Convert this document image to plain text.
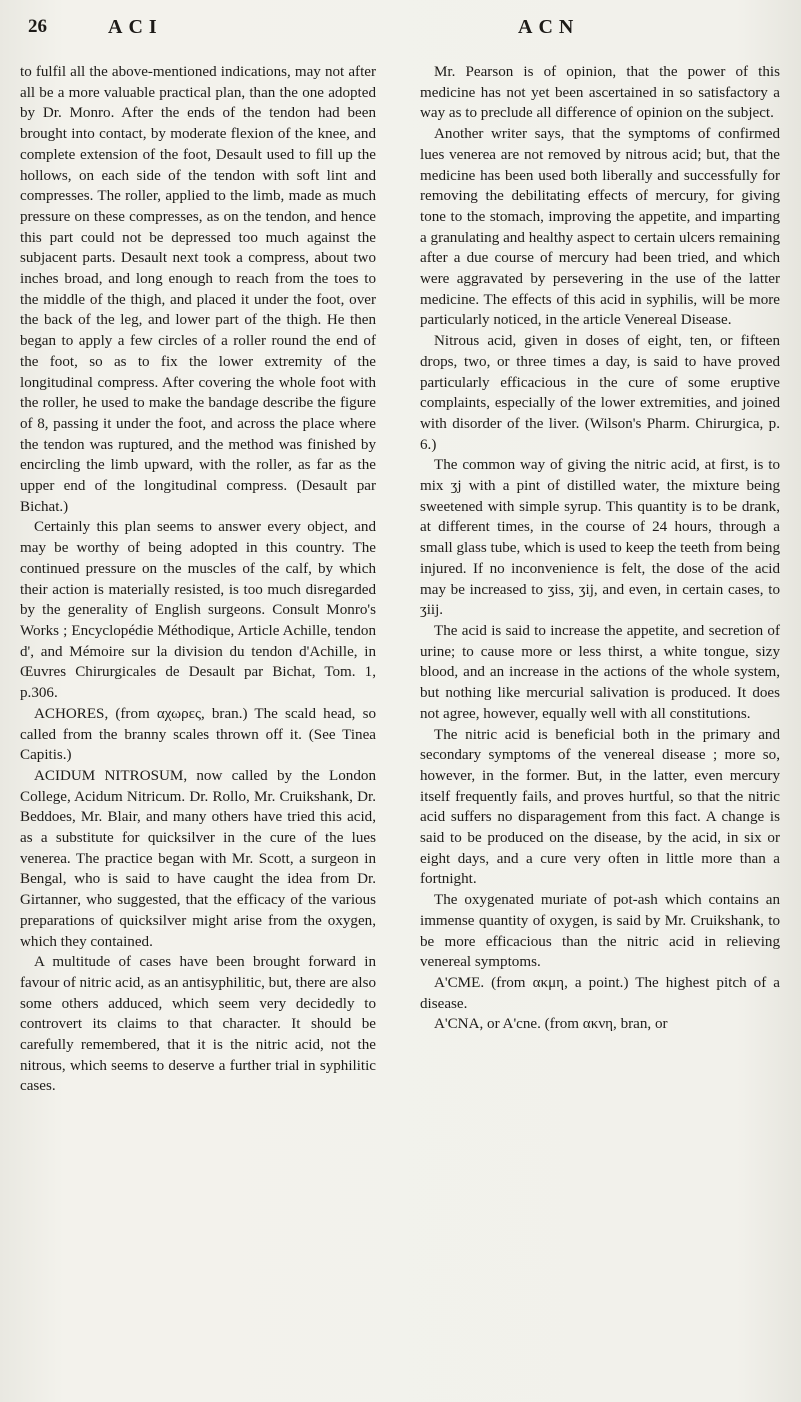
26	ACI	ACN

to fulfil all the above-mentioned indications, may not after all be a more valuable practical plan, than the one adopted by Dr. Monro. After the ends of the tendon had been brought into contact, by moderate flexion of the knee, and complete extension of the foot, Desault used to fill up the hollows, on each side of the tendon with soft lint and compresses. The roller, applied to the limb, made as much pressure on these compresses, as on the tendon, and hence this part could not be depressed too much against the subjacent parts. Desault next took a compress, about two inches broad, and long enough to reach from the toes to the middle of the thigh, and placed it under the foot, over the back of the leg, and lower part of the thigh. He then began to apply a few circles of a roller round the end of the foot, so as to fix the lower extremity of the longitudinal compress. After covering the whole foot with the roller, he used to make the bandage describe the figure of 8, passing it under the foot, and across the place where the tendon was ruptured, and the method was finished by encircling the limb upward, with the roller, as far as the upper end of the longitudinal compress. (Desault par Bichat.)

Certainly this plan seems to answer every object, and may be worthy of being adopted in this country. The continued pressure on the muscles of the calf, by which their action is materially resisted, is too much disregarded by the generality of English surgeons. Consult Monro's Works ; Encyclopédie Méthodique, Article Achille, tendon d', and Mémoire sur la division du tendon d'Achille, in Œuvres Chirurgicales de Desault par Bichat, Tom. 1, p.306.

ACHORES, (from αχωρες, bran.) The scald head, so called from the branny scales thrown off it. (See Tinea Capitis.)

ACIDUM NITROSUM, now called by the London College, Acidum Nitricum. Dr. Rollo, Mr. Cruikshank, Dr. Beddoes, Mr. Blair, and many others have tried this acid, as a substitute for quicksilver in the cure of the lues venerea. The practice began with Mr. Scott, a surgeon in Bengal, who is said to have caught the idea from Dr. Girtanner, who suggested, that the efficacy of the various preparations of quicksilver might arise from the oxygen, which they contained.

A multitude of cases have been brought forward in favour of nitric acid, as an antisyphilitic, but, there are also some others adduced, which seem very decidedly to controvert its claims to that character. It should be carefully remembered, that it is the nitric acid, not the nitrous, which seems to deserve a further trial in syphilitic cases.

Mr. Pearson is of opinion, that the power of this medicine has not yet been ascertained in so satisfactory a way as to preclude all difference of opinion on the subject.

Another writer says, that the symptoms of confirmed lues venerea are not removed by nitrous acid; but, that the medicine has been used both liberally and successfully for removing the debilitating effects of mercury, for giving tone to the stomach, improving the appetite, and imparting a granulating and healthy aspect to certain ulcers remaining after a due course of mercury had been tried, and which were aggravated by persevering in the use of the latter medicine. The effects of this acid in syphilis, will be more particularly noticed, in the article Venereal Disease.

Nitrous acid, given in doses of eight, ten, or fifteen drops, two, or three times a day, is said to have proved particularly efficacious in the cure of some eruptive complaints, especially of the lower extremities, and joined with disorder of the liver. (Wilson's Pharm. Chirurgica, p. 6.)

The common way of giving the nitric acid, at first, is to mix ʒj with a pint of distilled water, the mixture being sweetened with simple syrup. This quantity is to be drank, at different times, in the course of 24 hours, through a small glass tube, which is used to keep the teeth from being injured. If no inconvenience is felt, the dose of the acid may be increased to ʒiss, ʒij, and even, in certain cases, to ʒiij.

The acid is said to increase the appetite, and secretion of urine; to cause more or less thirst, a white tongue, sizy blood, and an increase in the actions of the whole system, but nothing like mercurial salivation is produced. It does not agree, however, equally well with all constitutions.

The nitric acid is beneficial both in the primary and secondary symptoms of the venereal disease ; more so, however, in the former. But, in the latter, even mercury itself frequently fails, and proves hurtful, so that the nitric acid suffers no disparagement from this fact. A change is said to be produced on the disease, by the acid, in six or eight days, and a cure very often in little more than a fortnight.

The oxygenated muriate of pot-ash which contains an immense quantity of oxygen, is said by Mr. Cruikshank, to be more efficacious than the nitric acid in relieving venereal symptoms.

A'CME. (from ακμη, a point.) The highest pitch of a disease.

A'CNA, or A'cne. (from ακνη, bran, or
